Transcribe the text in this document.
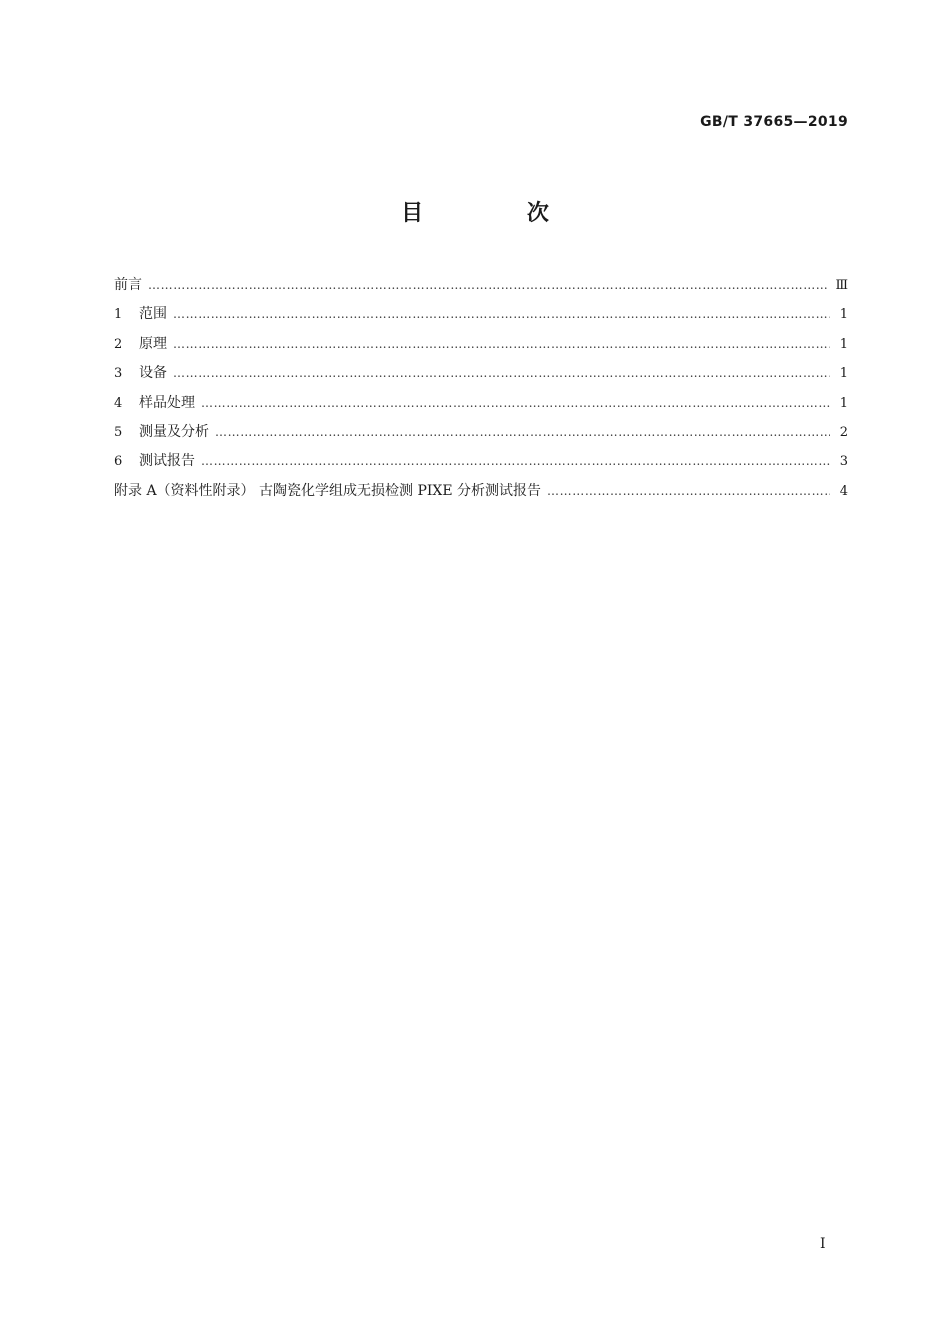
GB/T 37665—2019
目 次
前言 …………………………………………………………………………………………………………………………………………………………………………………………………………………………………………	Ⅲ
1	范围 …………………………………………………………………………………………………………………………………………………………………………………………………………………………………………	1
2	原理 …………………………………………………………………………………………………………………………………………………………………………………………………………………………………………	1
3	设备 …………………………………………………………………………………………………………………………………………………………………………………………………………………………………………	1
4	样品处理 …………………………………………………………………………………………………………………………………………………………………………………………………………………………………………	1
5	测量及分析 …………………………………………………………………………………………………………………………………………………………………………………………………………………………………………	2
6	测试报告 …………………………………………………………………………………………………………………………………………………………………………………………………………………………………………	3
附录 A（资料性附录） 古陶瓷化学组成无损检测 PIXE 分析测试报告 …………………………………………………………………………………………………………………………………………………………………………………………………………………………………………	4
I
